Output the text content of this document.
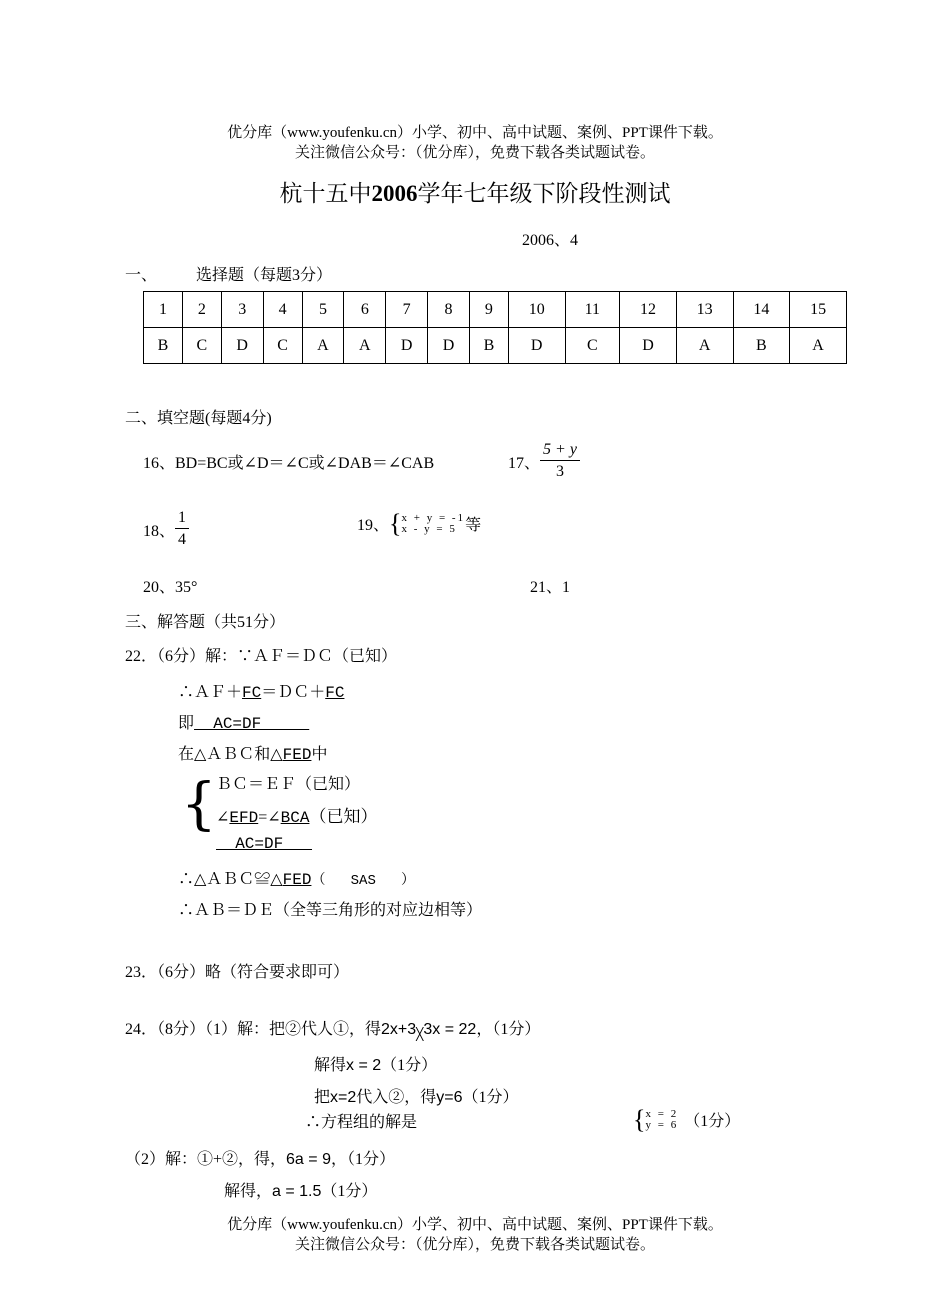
优分库（www.youfenku.cn）小学、初中、高中试题、案例、PPT课件下载。
关注微信公众号：（优分库），免费下载各类试题试卷。
杭十五中2006学年七年级下阶段性测试
2006、4
一、 选择题（每题3分）
1	2	3	4	5	6	7	8	9	10	11	12	13	14	15
B	C	D	C	A	A	D	D	B	D	C	D	A	B	A
二、填空题(每题4分)
16、BD=BC或∠D＝∠C或∠DAB＝∠CAB	17、 $\frac{5 + y}{3}$
18、 $\frac{1}{4}$	19、{ x + y = -1
x - y = 5 等
20、35°	21、1
三、解答题（共51分）
22．（6分）解：∵ＡＦ＝ＤＣ（已知）
∴ＡＦ＋FC＝ＤＣ＋FC
即  AC=DF
在△ＡＢＣ和△FED中
{ ＢＣ＝ＥＦ（已知）
∠EFD=∠BCA（已知）
AC=DF
∴△ＡＢＣ≌△FED（   SAS   ）
∴ＡＢ＝ＤＥ（全等三角形的对应边相等）
23．（6分）略（符合要求即可）
24．（8分）（1）解：把②代人①，得$2x+3_╳3x = 22$，（1分）
解得x = 2（1分）
把x=2代入②，得y=6（1分）
∴方程组的解是	{ x = 2
y = 6 （1分）
（2）解：①+②，得，6a = 9，（1分）
解得，a = 1.5（1分）
优分库（www.youfenku.cn）小学、初中、高中试题、案例、PPT课件下载。
关注微信公众号：（优分库），免费下载各类试题试卷。
